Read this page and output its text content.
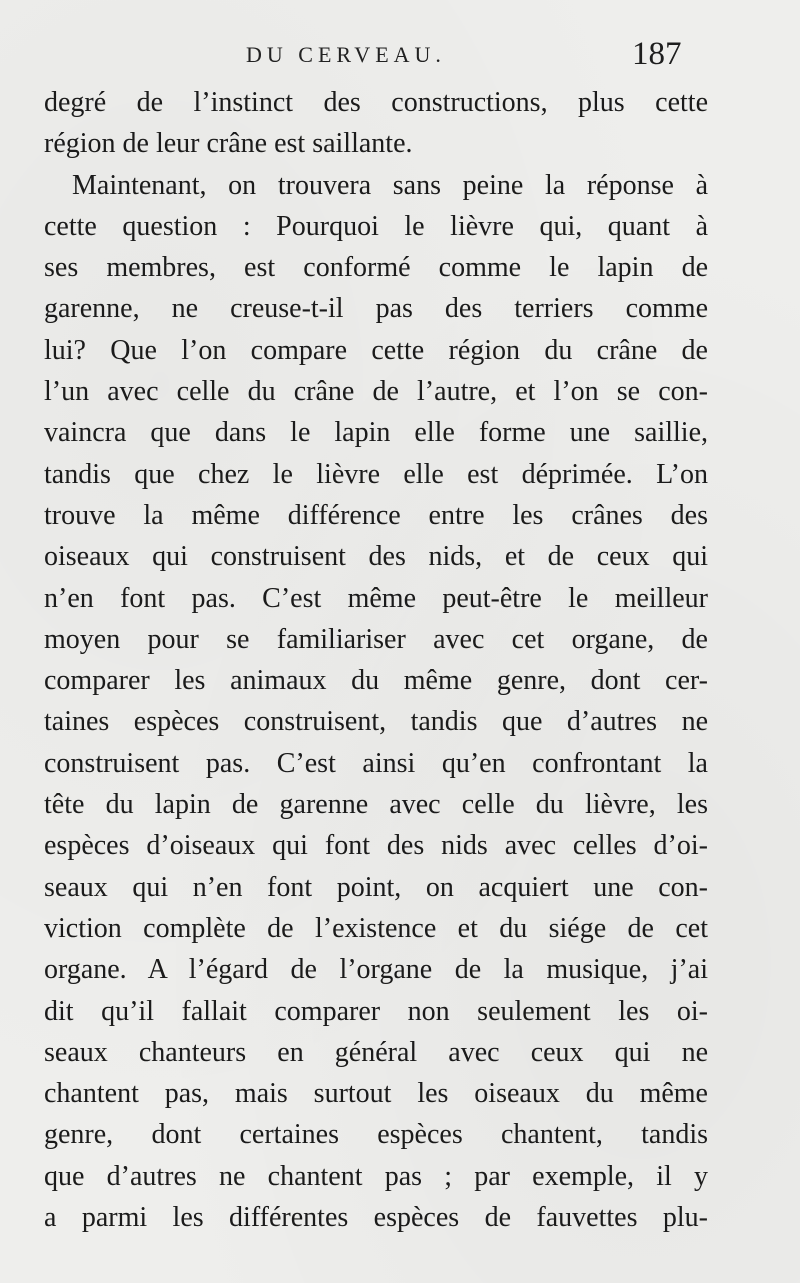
DU CERVEAU.	187
degré de l’instinct des constructions, plus cette
région de leur crâne est saillante.
Maintenant, on trouvera sans peine la réponse à
cette question : Pourquoi le lièvre qui, quant à
ses membres, est conformé comme le lapin de
garenne, ne creuse-t-il pas des terriers comme
lui? Que l’on compare cette région du crâne de
l’un avec celle du crâne de l’autre, et l’on se con-
vaincra que dans le lapin elle forme une saillie,
tandis que chez le lièvre elle est déprimée. L’on
trouve la même différence entre les crânes des
oiseaux qui construisent des nids, et de ceux qui
n’en font pas. C’est même peut-être le meilleur
moyen pour se familiariser avec cet organe, de
comparer les animaux du même genre, dont cer-
taines espèces construisent, tandis que d’autres ne
construisent pas. C’est ainsi qu’en confrontant la
tête du lapin de garenne avec celle du lièvre, les
espèces d’oiseaux qui font des nids avec celles d’oi-
seaux qui n’en font point, on acquiert une con-
viction complète de l’existence et du siége de cet
organe. A l’égard de l’organe de la musique, j’ai
dit qu’il fallait comparer non seulement les oi-
seaux chanteurs en général avec ceux qui ne
chantent pas, mais surtout les oiseaux du même
genre, dont certaines espèces chantent, tandis
que d’autres ne chantent pas ; par exemple, il y
a parmi les différentes espèces de fauvettes plu-
